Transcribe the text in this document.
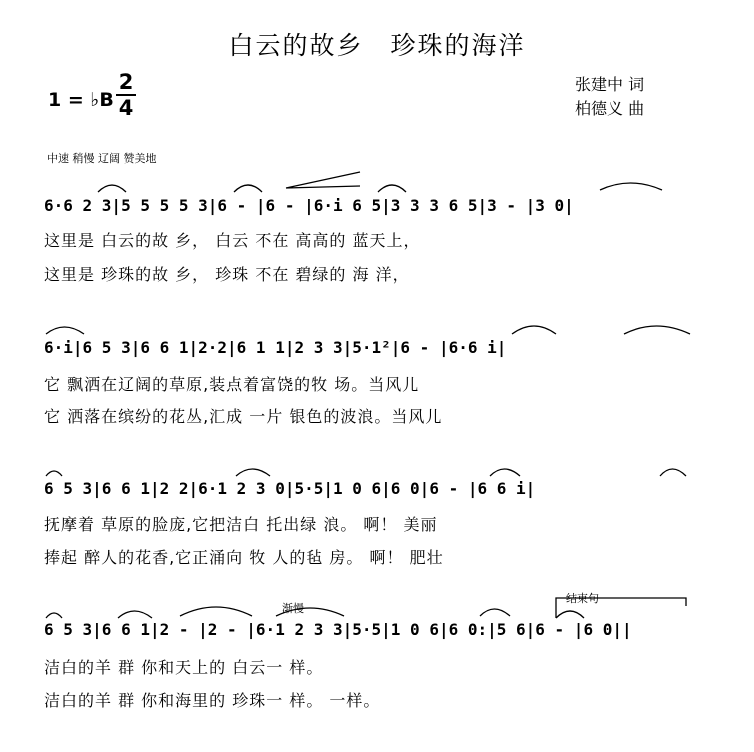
白云的故乡　珍珠的海洋
1 = ♭B
2
4
张建中 词
柏德义 曲
中速 稍慢 辽阔 赞美地
6·6 2 3|5 5 5 5 3|6 - |6 - |6·i 6 5|3 3 3 6 5|3 - |3 0|
这里是 白云的故 乡， 白云 不在 高高的 蓝天上，
这里是 珍珠的故 乡， 珍珠 不在 碧绿的 海 洋，
6·i|6 5 3|6 6 1|2·2|6 1 1|2 3 3|5·1²|6 - |6·6 i|
它 飘洒在辽阔的草原,装点着富饶的牧 场。当风儿
它 洒落在缤纷的花丛,汇成 一片 银色的波浪。当风儿
6 5 3|6 6 1|2 2|6·1 2 3 0|5·5|1 0 6|6 0|6 - |6 6 i|
抚摩着 草原的脸庞,它把洁白 托出绿 浪。 啊！ 美丽
捧起 醉人的花香,它正涌向 牧 人的毡 房。 啊！ 肥壮
渐慢
结束句
6 5 3|6 6 1|2 - |2 - |6·1 2 3 3|5·5|1 0 6|6 0:|5 6|6 - |6 0||
洁白的羊 群 你和天上的 白云一 样。
洁白的羊 群 你和海里的 珍珠一 样。 一样。
